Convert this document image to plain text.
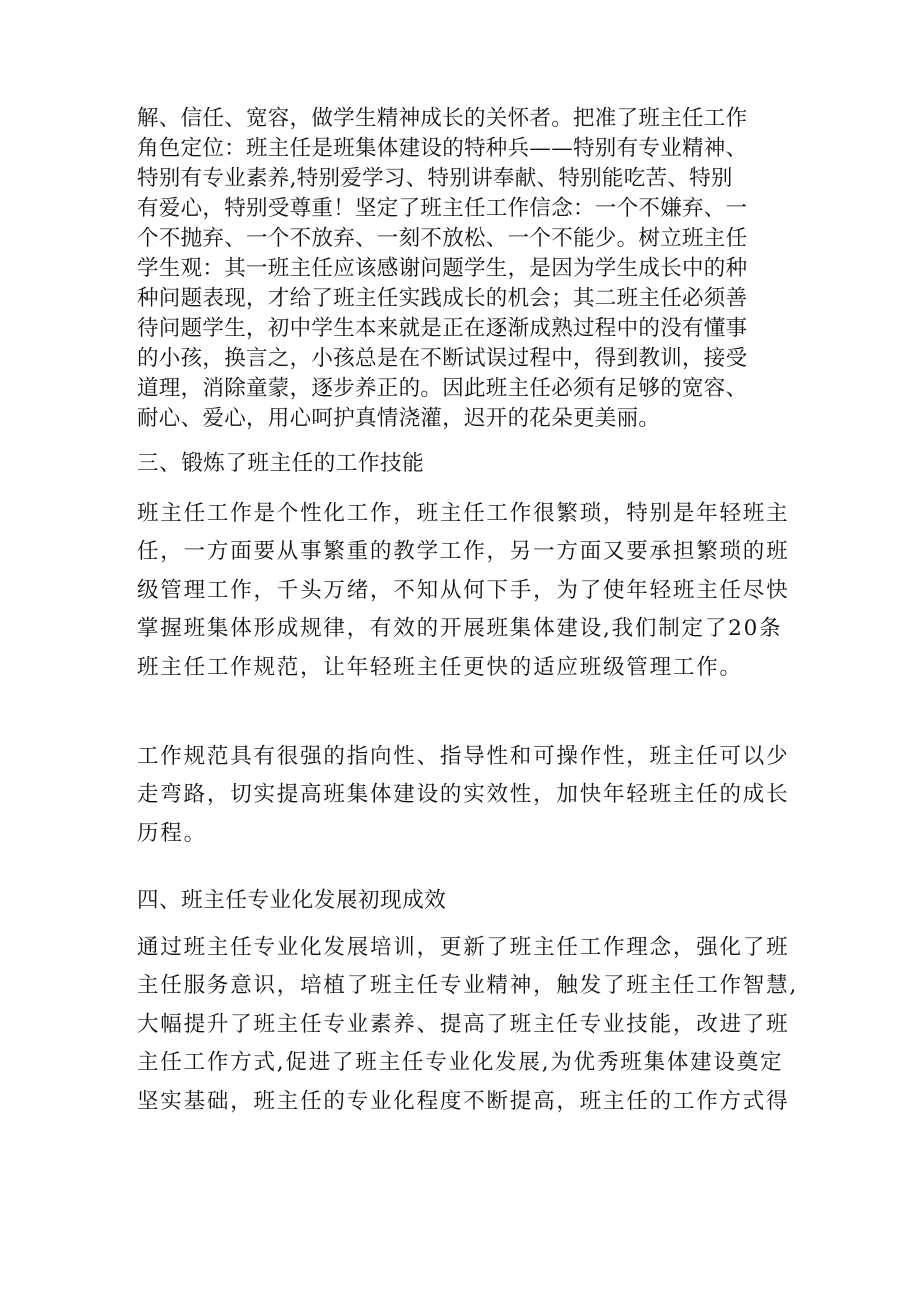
解、信任、宽容，做学生精神成长的关怀者。把准了班主任工作
角色定位：班主任是班集体建设的特种兵——特别有专业精神、
特别有专业素养,特别爱学习、特别讲奉献、特别能吃苦、特别
有爱心，特别受尊重！坚定了班主任工作信念：一个不嫌弃、一
个不抛弃、一个不放弃、一刻不放松、一个不能少。树立班主任
学生观：其一班主任应该感谢问题学生，是因为学生成长中的种
种问题表现，才给了班主任实践成长的机会；其二班主任必须善
待问题学生，初中学生本来就是正在逐渐成熟过程中的没有懂事
的小孩，换言之，小孩总是在不断试误过程中，得到教训，接受
道理，消除童蒙，逐步养正的。因此班主任必须有足够的宽容、
耐心、爱心，用心呵护真情浇灌，迟开的花朵更美丽。
三、锻炼了班主任的工作技能
班主任工作是个性化工作，班主任工作很繁琐，特别是年轻班主
任，一方面要从事繁重的教学工作，另一方面又要承担繁琐的班
级管理工作，千头万绪，不知从何下手，为了使年轻班主任尽快
掌握班集体形成规律，有效的开展班集体建设,我们制定了20条
班主任工作规范，让年轻班主任更快的适应班级管理工作。
工作规范具有很强的指向性、指导性和可操作性，班主任可以少
走弯路，切实提高班集体建设的实效性，加快年轻班主任的成长
历程。
四、班主任专业化发展初现成效
通过班主任专业化发展培训，更新了班主任工作理念，强化了班
主任服务意识，培植了班主任专业精神，触发了班主任工作智慧,
大幅提升了班主任专业素养、提高了班主任专业技能，改进了班
主任工作方式,促进了班主任专业化发展,为优秀班集体建设奠定
坚实基础，班主任的专业化程度不断提高，班主任的工作方式得
